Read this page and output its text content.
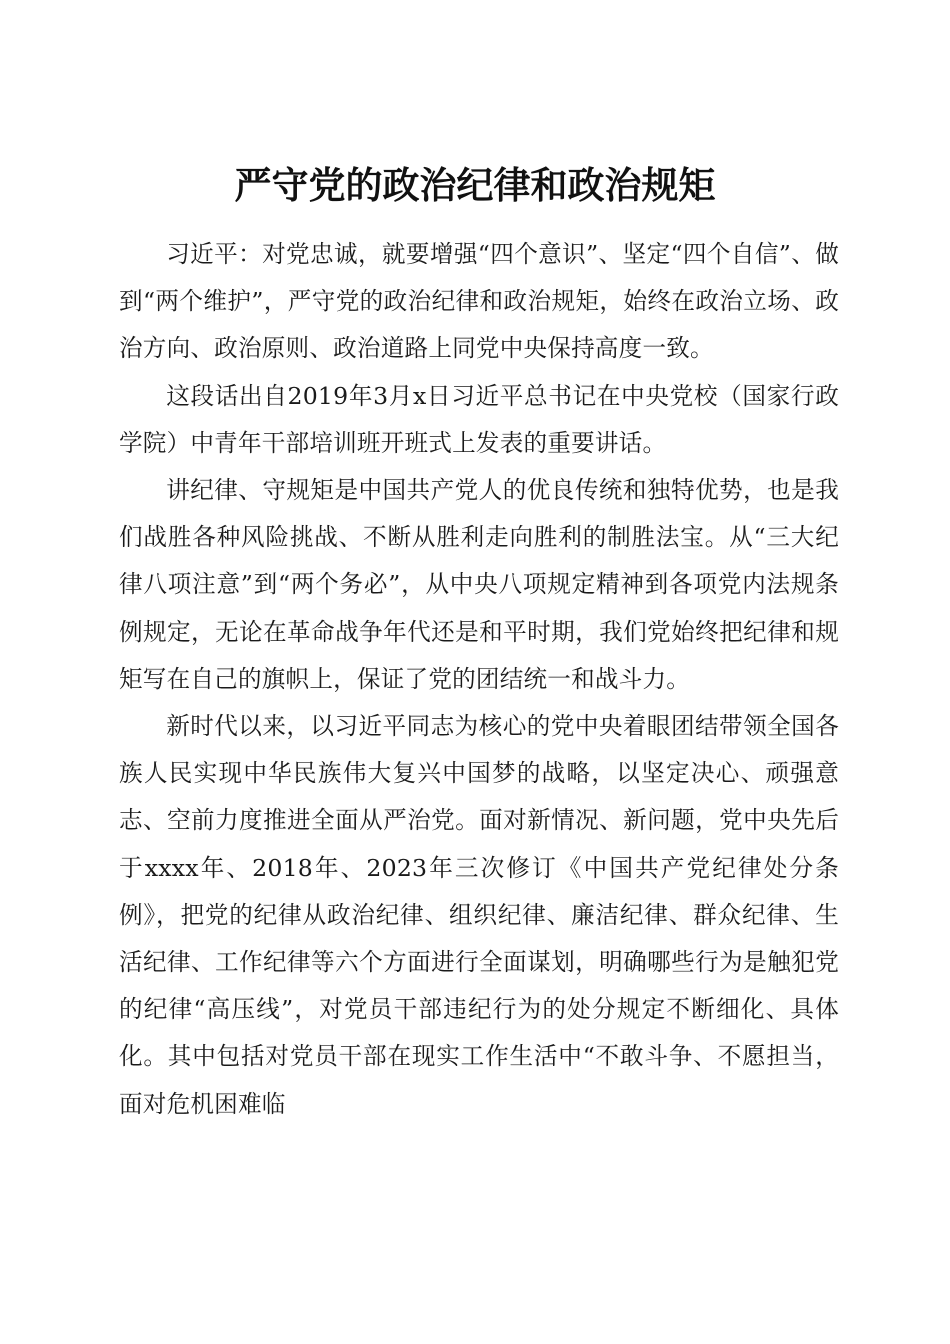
严守党的政治纪律和政治规矩

习近平：对党忠诚，就要增强“四个意识”、坚定“四个自信”、做到“两个维护”，严守党的政治纪律和政治规矩，始终在政治立场、政治方向、政治原则、政治道路上同党中央保持高度一致。

这段话出自2019年3月x日习近平总书记在中央党校（国家行政学院）中青年干部培训班开班式上发表的重要讲话。

讲纪律、守规矩是中国共产党人的优良传统和独特优势，也是我们战胜各种风险挑战、不断从胜利走向胜利的制胜法宝。从“三大纪律八项注意”到“两个务必”，从中央八项规定精神到各项党内法规条例规定，无论在革命战争年代还是和平时期，我们党始终把纪律和规矩写在自己的旗帜上，保证了党的团结统一和战斗力。

新时代以来，以习近平同志为核心的党中央着眼团结带领全国各族人民实现中华民族伟大复兴中国梦的战略，以坚定决心、顽强意志、空前力度推进全面从严治党。面对新情况、新问题，党中央先后于xxxx年、2018年、2023年三次修订《中国共产党纪律处分条例》，把党的纪律从政治纪律、组织纪律、廉洁纪律、群众纪律、生活纪律、工作纪律等六个方面进行全面谋划，明确哪些行为是触犯党的纪律“高压线”，对党员干部违纪行为的处分规定不断细化、具体化。其中包括对党员干部在现实工作生活中“不敢斗争、不愿担当，面对危机困难临
